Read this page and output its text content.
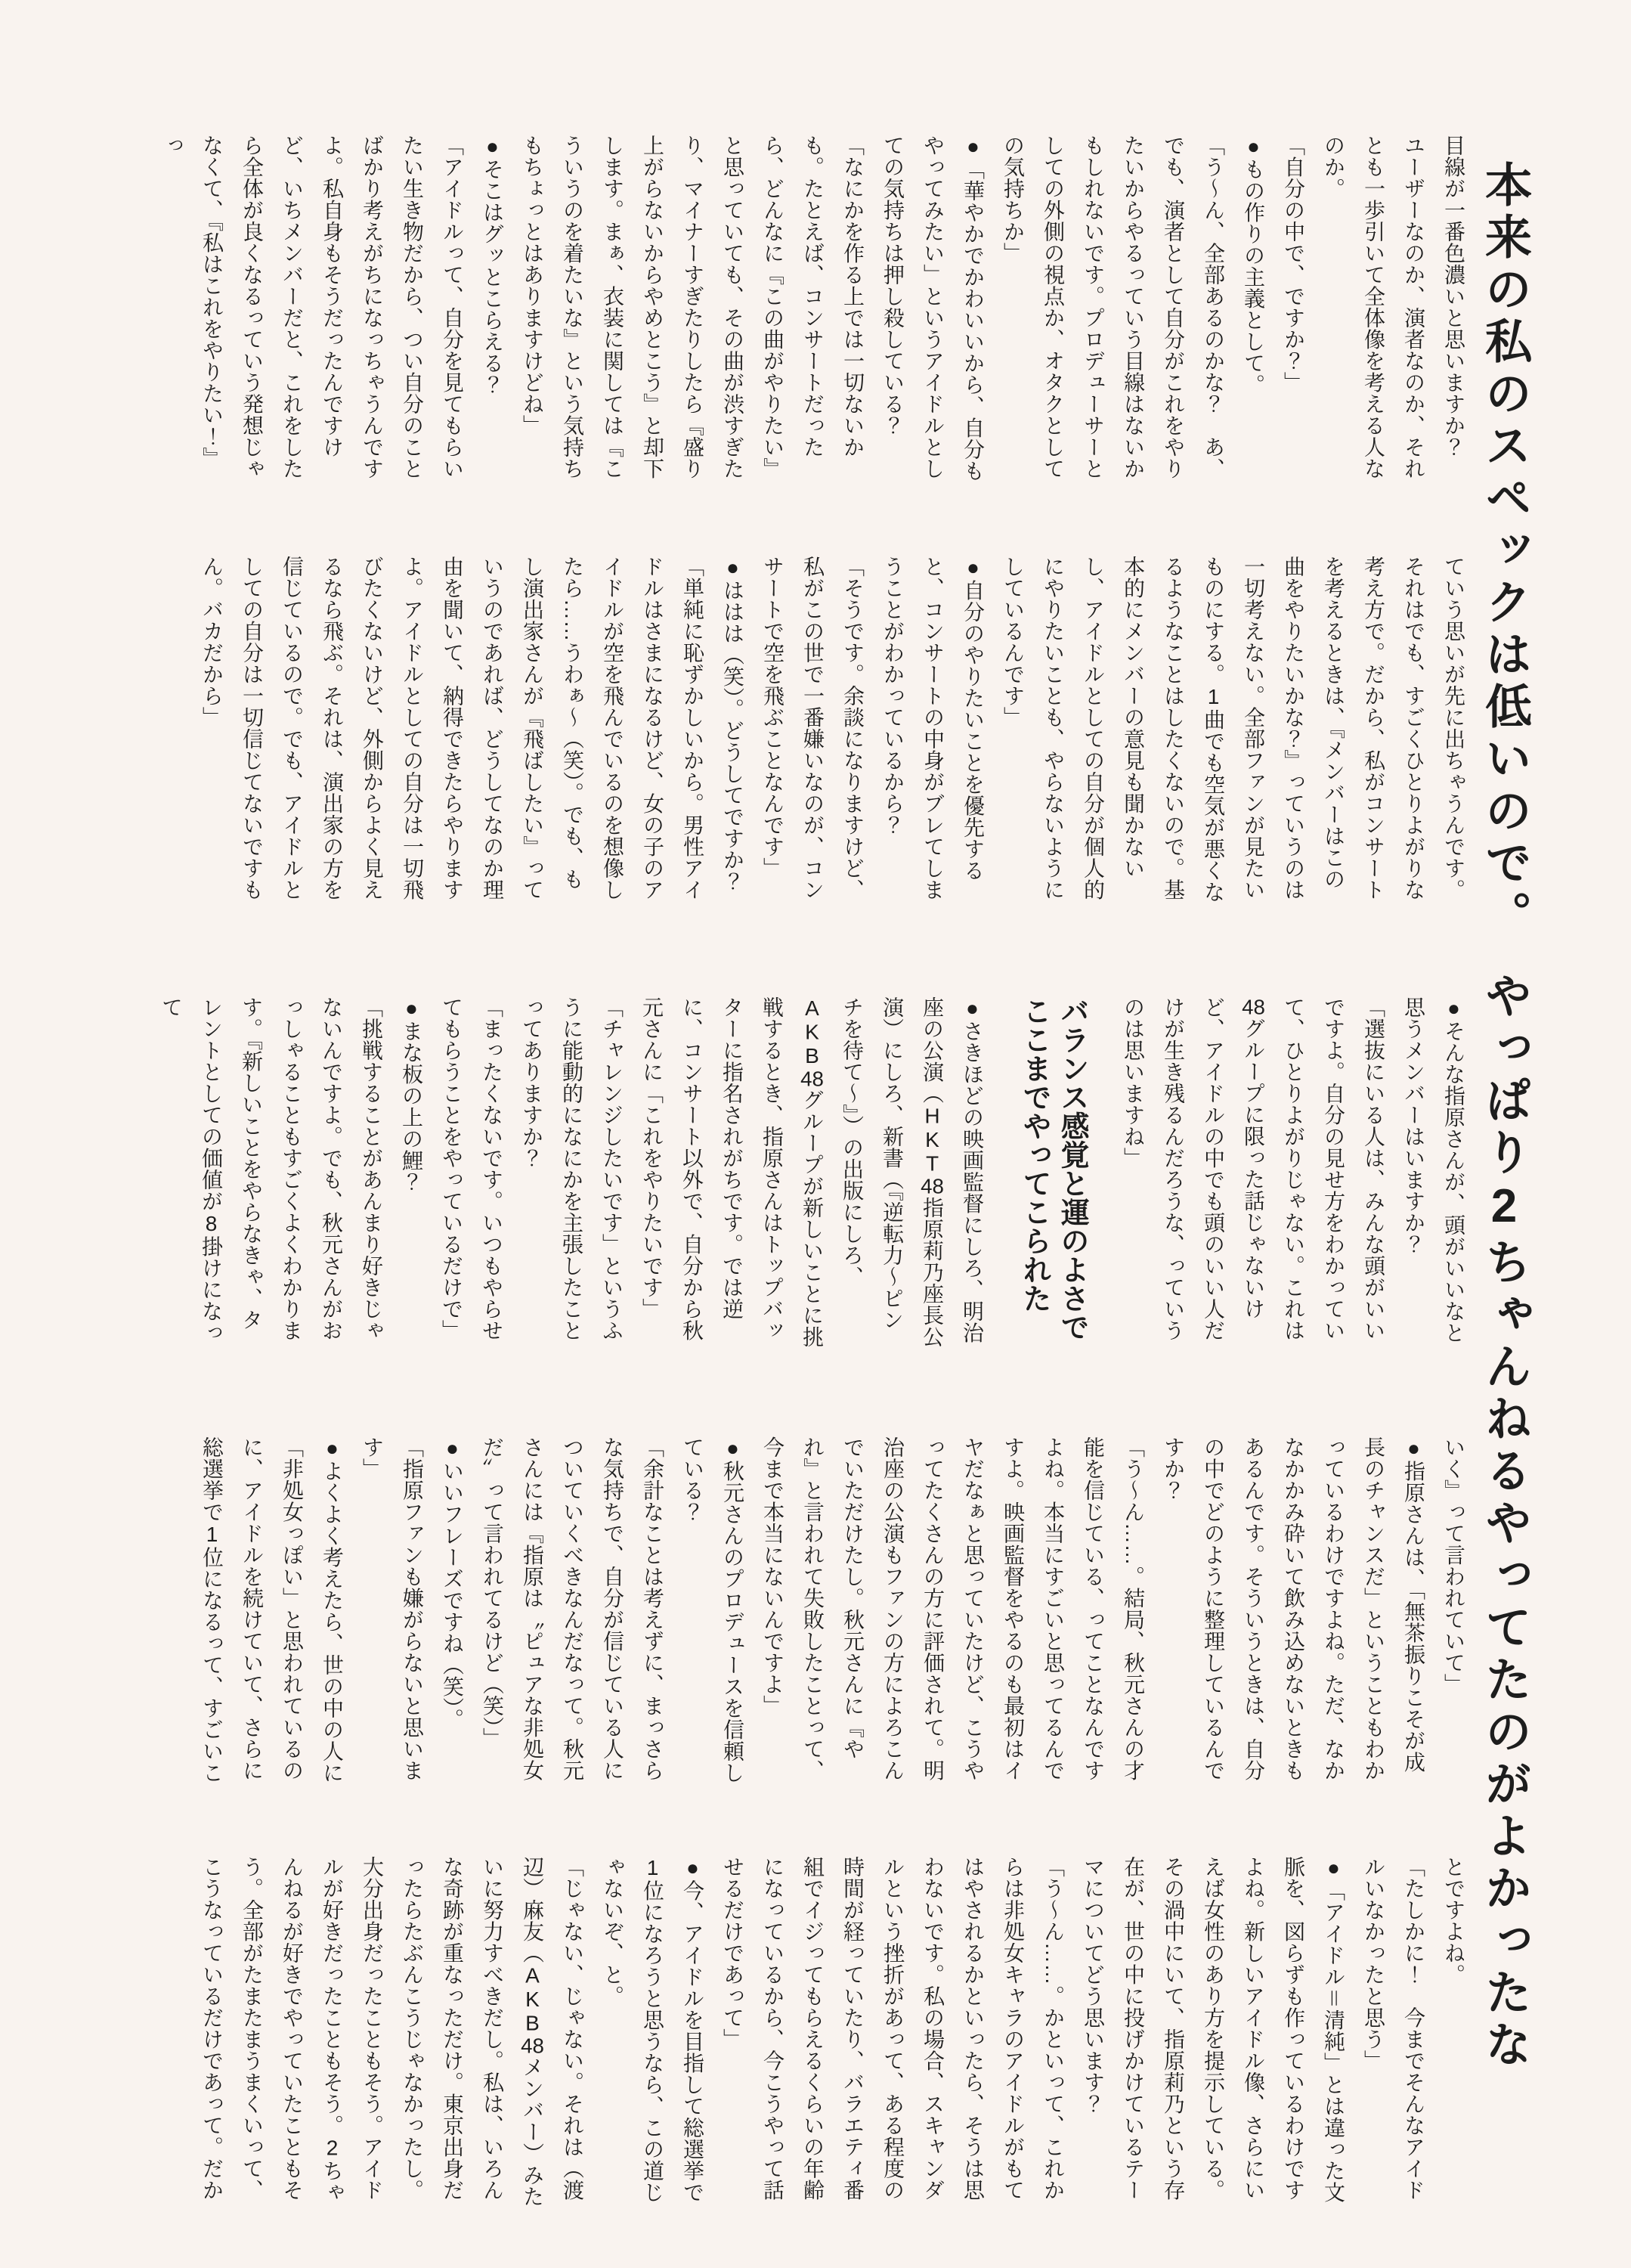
本来の私のスペックは低いので。　やっぱり2ちゃんねるやってたのがよかったな

目線が一番色濃いと思いますか？　ユーザーなのか、演者なのか、それとも一歩引いて全体像を考える人なのか。

「自分の中で、ですか？」

●もの作りの主義として。

「う〜ん、全部あるのかな？　あ、でも、演者として自分がこれをやりたいからやるっていう目線はないかもしれないです。プロデューサーとしての外側の視点か、オタクとしての気持ちか」

●「華やかでかわいいから、自分もやってみたい」というアイドルとしての気持ちは押し殺している？

「なにかを作る上では一切ないかも。たとえば、コンサートだったら、どんなに『この曲がやりたい』と思っていても、その曲が渋すぎたり、マイナーすぎたりしたら『盛り上がらないからやめとこう』と却下します。まぁ、衣装に関しては『こういうのを着たいな』という気持ちもちょっとはありますけどね」

●そこはグッとこらえる？

「アイドルって、自分を見てもらいたい生き物だから、つい自分のことばかり考えがちになっちゃうんですよ。私自身もそうだったんですけど、いちメンバーだと、これをしたら全体が良くなるっていう発想じゃなくて、『私はこれをやりたい！』っ

ていう思いが先に出ちゃうんです。それはでも、すごくひとりよがりな考え方で。だから、私がコンサートを考えるときは、『メンバーはこの曲をやりたいかな？』っていうのは一切考えない。全部ファンが見たいものにする。1曲でも空気が悪くなるようなことはしたくないので。基本的にメンバーの意見も聞かないし、アイドルとしての自分が個人的にやりたいことも、やらないようにしているんです」

●自分のやりたいことを優先すると、コンサートの中身がブレてしまうことがわかっているから？

「そうです。余談になりますけど、私がこの世で一番嫌いなのが、コンサートで空を飛ぶことなんです」

●ははは（笑）。どうしてですか？

「単純に恥ずかしいから。男性アイドルはさまになるけど、女の子のアイドルが空を飛んでいるのを想像したら……うわぁ〜（笑）。でも、もし演出家さんが『飛ばしたい』っていうのであれば、どうしてなのか理由を聞いて、納得できたらやりますよ。アイドルとしての自分は一切飛びたくないけど、外側からよく見えるなら飛ぶ。それは、演出家の方を信じているので。でも、アイドルとしての自分は一切信じてないですもん。バカだから」

●そんな指原さんが、頭がいいなと思うメンバーはいますか？

「選抜にいる人は、みんな頭がいいですよ。自分の見せ方をわかっていて、ひとりよがりじゃない。これは48グループに限った話じゃないけど、アイドルの中でも頭のいい人だけが生き残るんだろうな、っていうのは思いますね」

バランス感覚と運のよさで
ここまでやってこられた

●さきほどの映画監督にしろ、明治座の公演（HKT48指原莉乃座長公演）にしろ、新書（『逆転力〜ピンチを待て〜』）の出版にしろ、AKB48グループが新しいことに挑戦するとき、指原さんはトップバッターに指名されがちです。では逆に、コンサート以外で、自分から秋元さんに「これをやりたいです」「チャレンジしたいです」というふうに能動的になにかを主張したことってありますか？

「まったくないです。いつもやらせてもらうことをやっているだけで」

●まな板の上の鯉？

「挑戦することがあんまり好きじゃないんですよ。でも、秋元さんがおっしゃることもすごくよくわかります。『新しいことをやらなきゃ、タレントとしての価値が8掛けになって

いく』って言われていて」

●指原さんは、「無茶振りこそが成長のチャンスだ」ということもわかっているわけですよね。ただ、なかなかかみ砕いて飲み込めないときもあるんです。そういうときは、自分の中でどのように整理しているんですか？

「う〜ん……。結局、秋元さんの才能を信じている、ってことなんですよね。本当にすごいと思ってるんですよ。映画監督をやるのも最初はイヤだなぁと思っていたけど、こうやってたくさんの方に評価されて。明治座の公演もファンの方によろこんでいただけたし。秋元さんに『やれ』と言われて失敗したことって、今まで本当にないんですよ」

●秋元さんのプロデュースを信頼している？

「余計なことは考えずに、まっさらな気持ちで、自分が信じている人についていくべきなんだなって。秋元さんには『指原は〝ピュアな非処女だ〟って言われてるけど（笑）」

●いいフレーズですね（笑）。

「指原ファンも嫌がらないと思います」

●よくよく考えたら、世の中の人に「非処女っぽい」と思われているのに、アイドルを続けていて、さらに総選挙で1位になるって、すごいこ

とですよね。

「たしかに！　今までそんなアイドルいなかったと思う」

●「アイドル＝清純」とは違った文脈を、図らずも作っているわけですよね。新しいアイドル像、さらにいえば女性のあり方を提示している。その渦中にいて、指原莉乃という存在が、世の中に投げかけているテーマについてどう思います？

「う〜ん……。かといって、これからは非処女キャラのアイドルがもてはやされるかといったら、そうは思わないです。私の場合、スキャンダルという挫折があって、ある程度の時間が経っていたり、バラエティ番組でイジってもらえるくらいの年齢になっているから、今こうやって話せるだけであって」

●今、アイドルを目指して総選挙で1位になろうと思うなら、この道じゃないぞ、と。

「じゃない、じゃない。それは（渡辺）麻友（AKB48メンバー）みたいに努力すべきだし。私は、いろんな奇跡が重なっただけ。東京出身だったらたぶんこうじゃなかったし。大分出身だったこともそう。アイドルが好きだったこともそう。2ちゃんねるが好きでやっていたこともそう。全部がたまたまうまくいって、こうなっているだけであって。だか
